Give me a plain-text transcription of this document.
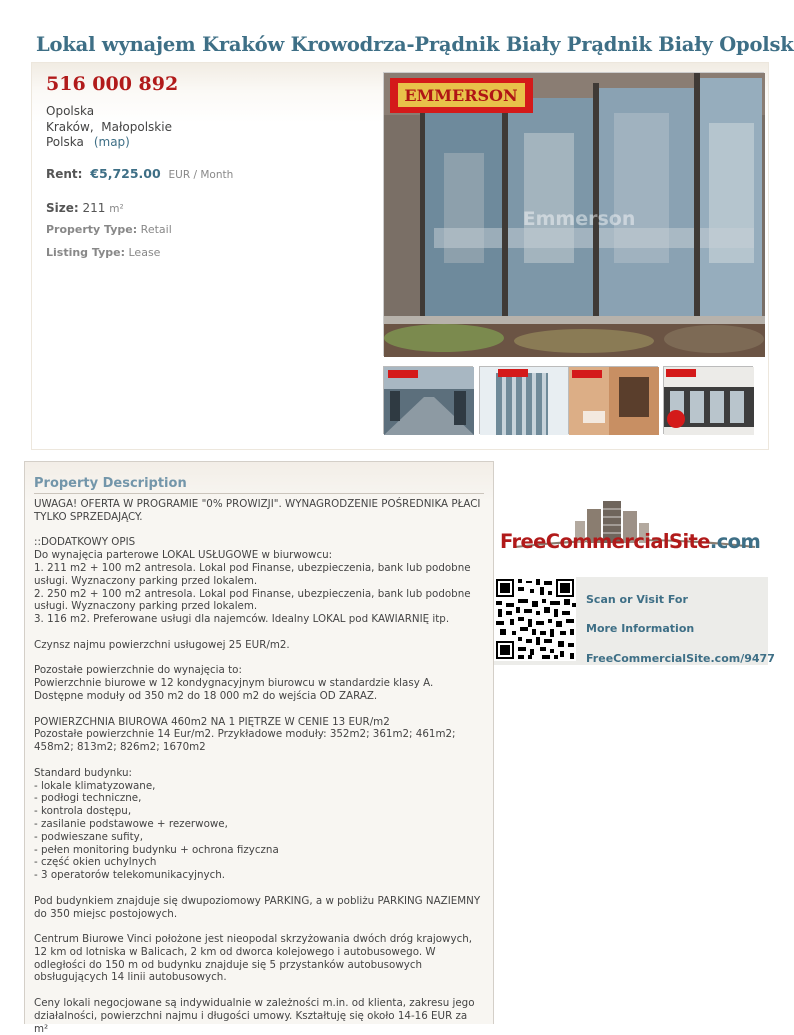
Lokal wynajem Kraków Krowodrza-Prądnik Biały Prądnik Biały Opolsk
516 000 892
Opolska
Kraków,  Małopolskie
Polska (map)
Rent: €5,725.00 EUR / Month
Size: 211 m²
Property Type: Retail
Listing Type: Lease
EMMERSON
Emmerson
Property Description
UWAGA! OFERTA W PROGRAMIE "0% PROWIZJI". WYNAGRODZENIE POŚREDNIKA PŁACI TYLKO SPRZEDAJĄCY.

::DODATKOWY OPIS
Do wynajęcia parterowe LOKAL USŁUGOWE w biurwowcu:
1. 211 m2 + 100 m2 antresola. Lokal pod Finanse, ubezpieczenia, bank lub podobne usługi. Wyznaczony parking przed lokalem.
2. 250 m2 + 100 m2 antresola. Lokal pod Finanse, ubezpieczenia, bank lub podobne usługi. Wyznaczony parking przed lokalem.
3. 116 m2. Preferowane usługi dla najemców. Idealny LOKAL pod KAWIARNIĘ itp.

Czynsz najmu powierzchni usługowej 25 EUR/m2.

Pozostałe powierzchnie do wynajęcia to:
Powierzchnie biurowe w 12 kondygnacyjnym biurowcu w standardzie klasy A. Dostępne moduły od 350 m2 do 18 000 m2 do wejścia OD ZARAZ.

POWIERZCHNIA BIUROWA 460m2 NA 1 PIĘTRZE W CENIE 13 EUR/m2
Pozostałe powierzchnie 14 Eur/m2. Przykładowe moduły: 352m2; 361m2; 461m2; 458m2; 813m2; 826m2; 1670m2

Standard budynku:
- lokale klimatyzowane,
- podłogi techniczne,
- kontrola dostępu,
- zasilanie podstawowe + rezerwowe,
- podwieszane sufity,
- pełen monitoring budynku + ochrona fizyczna
- część okien uchylnych
- 3 operatorów telekomunikacyjnych.

Pod budynkiem znajduje się dwupoziomowy PARKING, a w pobliżu PARKING NAZIEMNY do 350 miejsc postojowych.

Centrum Biurowe Vinci położone jest nieopodal skrzyżowania dwóch dróg krajowych, 12 km od lotniska w Balicach, 2 km od dworca kolejowego i autobusowego. W odległości do 150 m od budynku znajduje się 5 przystanków autobusowych obsługujących 14 linii autobusowych.

Ceny lokali negocjowane są indywidualnie w zależności m.in. od klienta, zakresu jego działalności, powierzchni najmu i długości umowy. Kształtuję się około 14-16 EUR za m²
FreeCommercialSite.com
Scan or Visit For
More Information
FreeCommercialSite.com/9477
